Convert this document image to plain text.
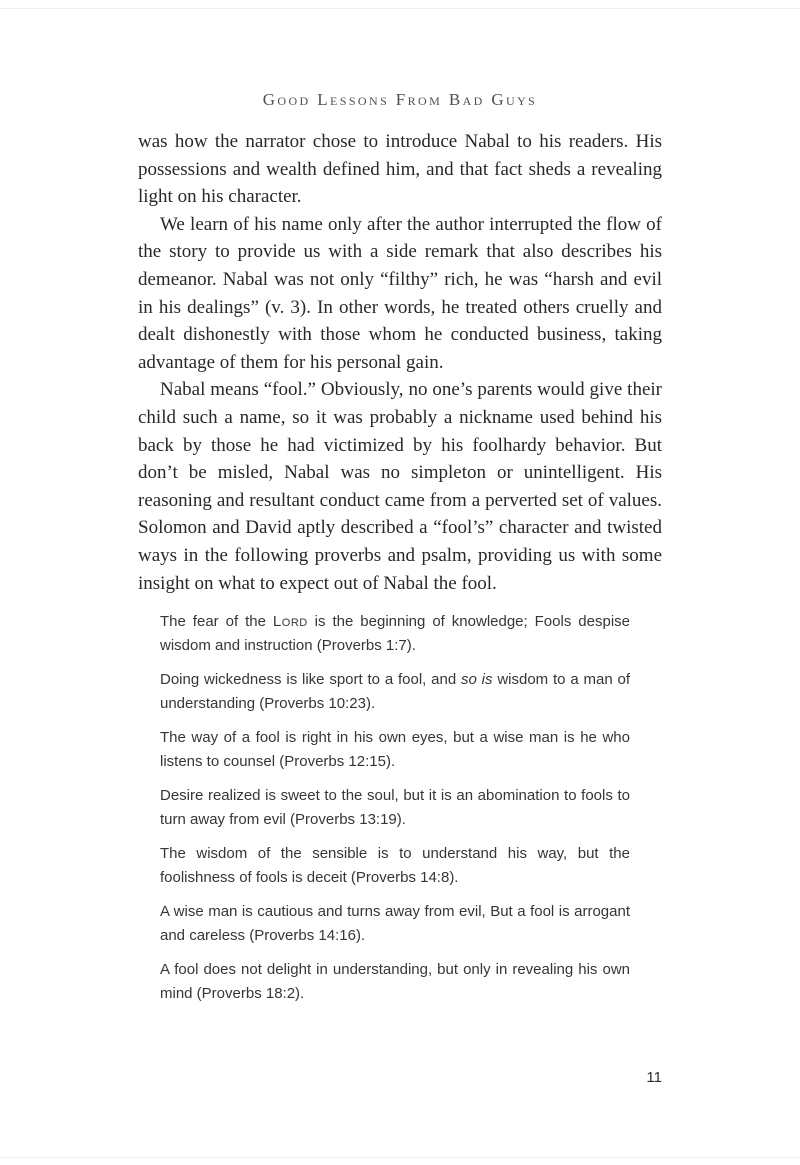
Good Lessons From Bad Guys

was how the narrator chose to introduce Nabal to his readers. His possessions and wealth defined him, and that fact sheds a revealing light on his character.

We learn of his name only after the author interrupted the flow of the story to provide us with a side remark that also describes his demeanor. Nabal was not only “filthy” rich, he was “harsh and evil in his dealings” (v. 3). In other words, he treated others cruelly and dealt dishonestly with those whom he conducted business, taking advantage of them for his personal gain.

Nabal means “fool.” Obviously, no one’s parents would give their child such a name, so it was probably a nickname used behind his back by those he had victimized by his foolhardy behavior. But don’t be misled, Nabal was no simpleton or unintelligent. His reasoning and resultant conduct came from a perverted set of values. Solomon and David aptly described a “fool’s” character and twisted ways in the following proverbs and psalm, providing us with some insight on what to expect out of Nabal the fool.

The fear of the Lord is the beginning of knowledge; Fools despise wisdom and instruction (Proverbs 1:7).

Doing wickedness is like sport to a fool, and so is wisdom to a man of understanding (Proverbs 10:23).

The way of a fool is right in his own eyes, but a wise man is he who listens to counsel (Proverbs 12:15).

Desire realized is sweet to the soul, but it is an abomination to fools to turn away from evil (Proverbs 13:19).

The wisdom of the sensible is to understand his way, but the foolishness of fools is deceit (Proverbs 14:8).

A wise man is cautious and turns away from evil, But a fool is arrogant and careless (Proverbs 14:16).

A fool does not delight in understanding, but only in revealing his own mind (Proverbs 18:2).

11
